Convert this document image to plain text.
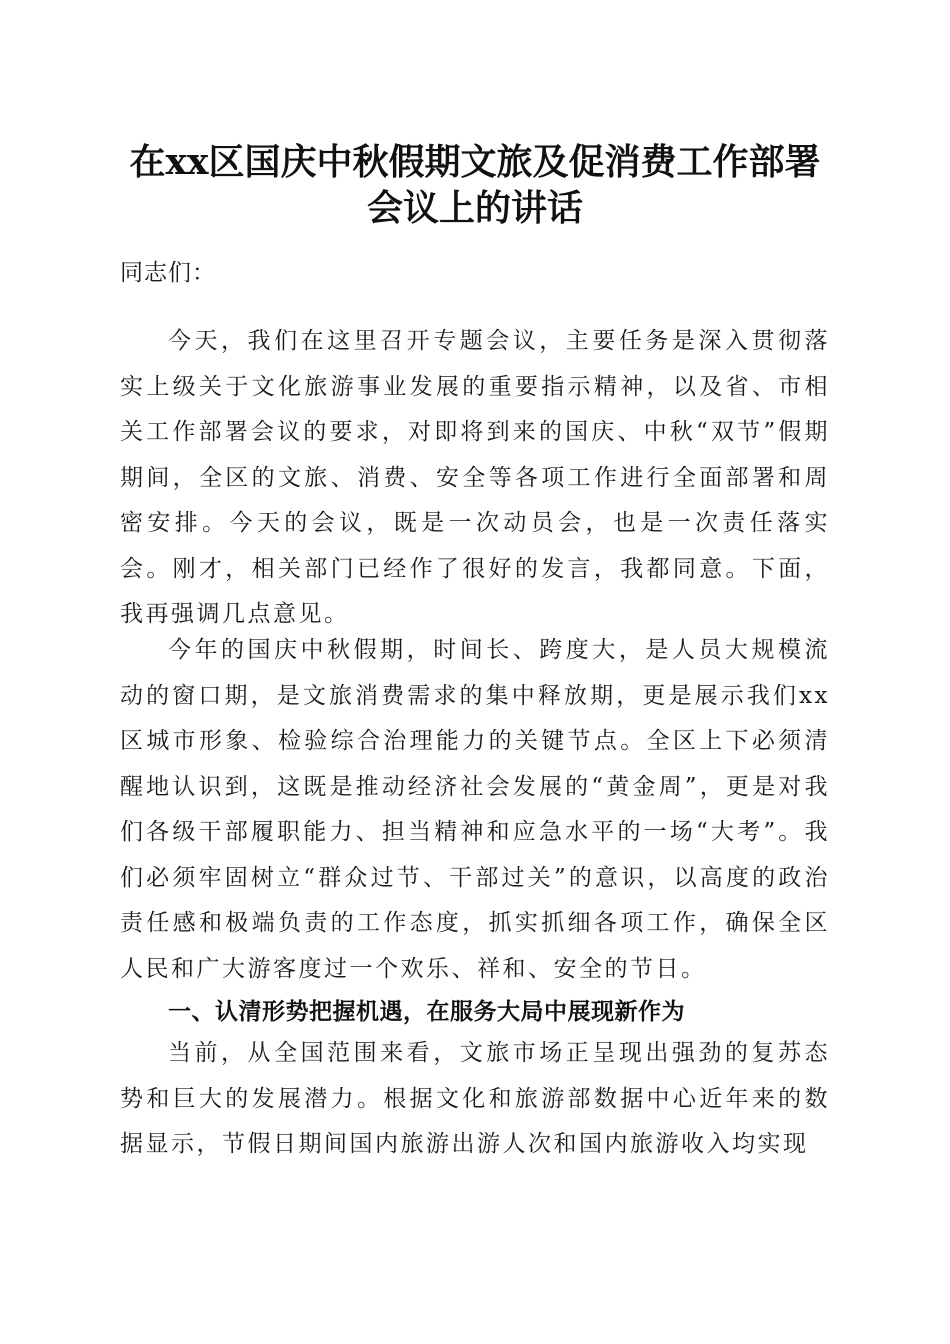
在xx区国庆中秋假期文旅及促消费工作部署
会议上的讲话

同志们：

今天，我们在这里召开专题会议，主要任务是深入贯彻落实上级关于文化旅游事业发展的重要指示精神，以及省、市相关工作部署会议的要求，对即将到来的国庆、中秋“双节”假期期间，全区的文旅、消费、安全等各项工作进行全面部署和周密安排。今天的会议，既是一次动员会，也是一次责任落实会。刚才，相关部门已经作了很好的发言，我都同意。下面，我再强调几点意见。

今年的国庆中秋假期，时间长、跨度大，是人员大规模流动的窗口期，是文旅消费需求的集中释放期，更是展示我们xx区城市形象、检验综合治理能力的关键节点。全区上下必须清醒地认识到，这既是推动经济社会发展的“黄金周”，更是对我们各级干部履职能力、担当精神和应急水平的一场“大考”。我们必须牢固树立“群众过节、干部过关”的意识，以高度的政治责任感和极端负责的工作态度，抓实抓细各项工作，确保全区人民和广大游客度过一个欢乐、祥和、安全的节日。

一、认清形势把握机遇，在服务大局中展现新作为

当前，从全国范围来看，文旅市场正呈现出强劲的复苏态势和巨大的发展潜力。根据文化和旅游部数据中心近年来的数据显示，节假日期间国内旅游出游人次和国内旅游收入均实现
